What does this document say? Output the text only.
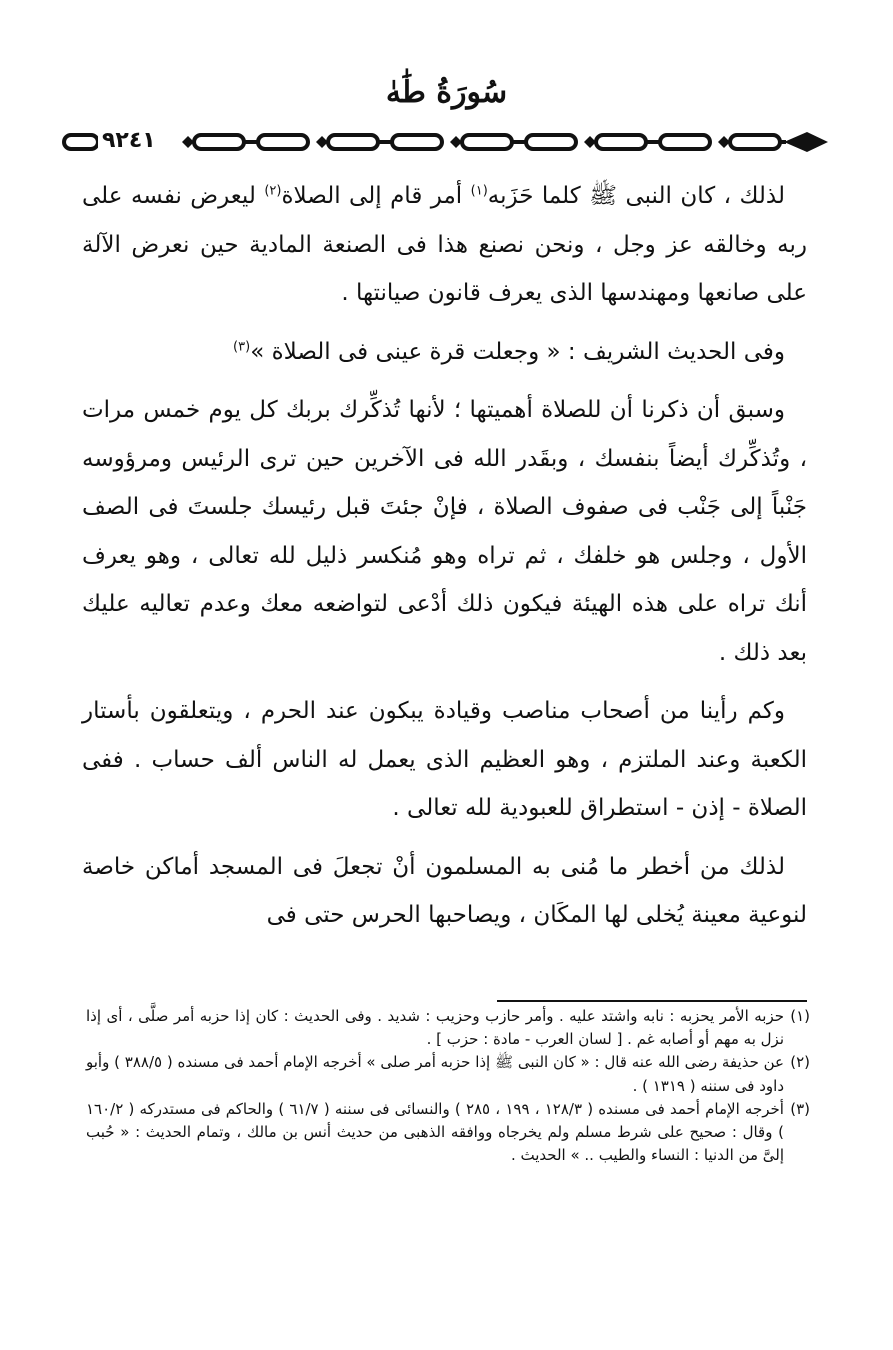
سُورَةُ طَٰهٰ
٩٢٤١

لذلك ، كان النبى ﷺ كلما حَزَبه$^{(١)}$ أمر قام إلى الصلاة$^{(٢)}$ ليعرض نفسه على ربه وخالقه عز وجل ، ونحن نصنع هذا فى الصنعة المادية حين نعرض الآلة على صانعها ومهندسها الذى يعرف قانون صيانتها .

وفى الحديث الشريف : « وجعلت قرة عينى فى الصلاة »$^{(٣)}$

وسبق أن ذكرنا أن للصلاة أهميتها ؛ لأنها تُذكِّرك بربك كل يوم خمس مرات ، وتُذكِّرك أيضاً بنفسك ، وبقَدر الله فى الآخرين حين ترى الرئيس ومرؤوسه جَنْباً إلى جَنْب فى صفوف الصلاة ، فإنْ جئتَ قبل رئيسك جلستَ فى الصف الأول ، وجلس هو خلفك ، ثم تراه وهو مُنكسر ذليل لله تعالى ، وهو يعرف أنك تراه على هذه الهيئة فيكون ذلك أدْعى لتواضعه معك وعدم تعاليه عليك بعد ذلك .

وكم رأينا من أصحاب مناصب وقيادة يبكون عند الحرم ، ويتعلقون بأستار الكعبة وعند الملتزم ، وهو العظيم الذى يعمل له الناس ألف حساب . ففى الصلاة - إذن - استطراق للعبودية لله تعالى .

لذلك من أخطر ما مُنى به المسلمون أنْ تجعلَ فى المسجد أماكن خاصة لنوعية معينة يُخلى لها المكَان ، ويصاحبها الحرس حتى فى

(١)
حزبه الأمر يحزبه : نابه واشتد عليه . وأمر حازب وحزيب : شديد . وفى الحديث : كان إذا حزبه أمر صلَّى ، أى إذا نزل به مهم أو أصابه غم . [ لسان العرب - مادة : حزب ] .

(٢)
عن حذيفة رضى الله عنه قال : « كان النبى ﷺ إذا حزبه أمر صلى » أخرجه الإمام أحمد فى مسنده ( ٣٨٨/٥ ) وأبو داود فى سننه ( ١٣١٩ ) .

(٣)
أخرجه الإمام أحمد فى مسنده ( ١٢٨/٣ ، ١٩٩ ، ٢٨٥ ) والنسائى فى سننه ( ٦١/٧ ) والحاكم فى مستدركه ( ١٦٠/٢ ) وقال : صحيح على شرط مسلم ولم يخرجاه ووافقه الذهبى من حديث أنس بن مالك ، وتمام الحديث : « حُبب إلىَّ من الدنيا : النساء والطيب .. » الحديث .
